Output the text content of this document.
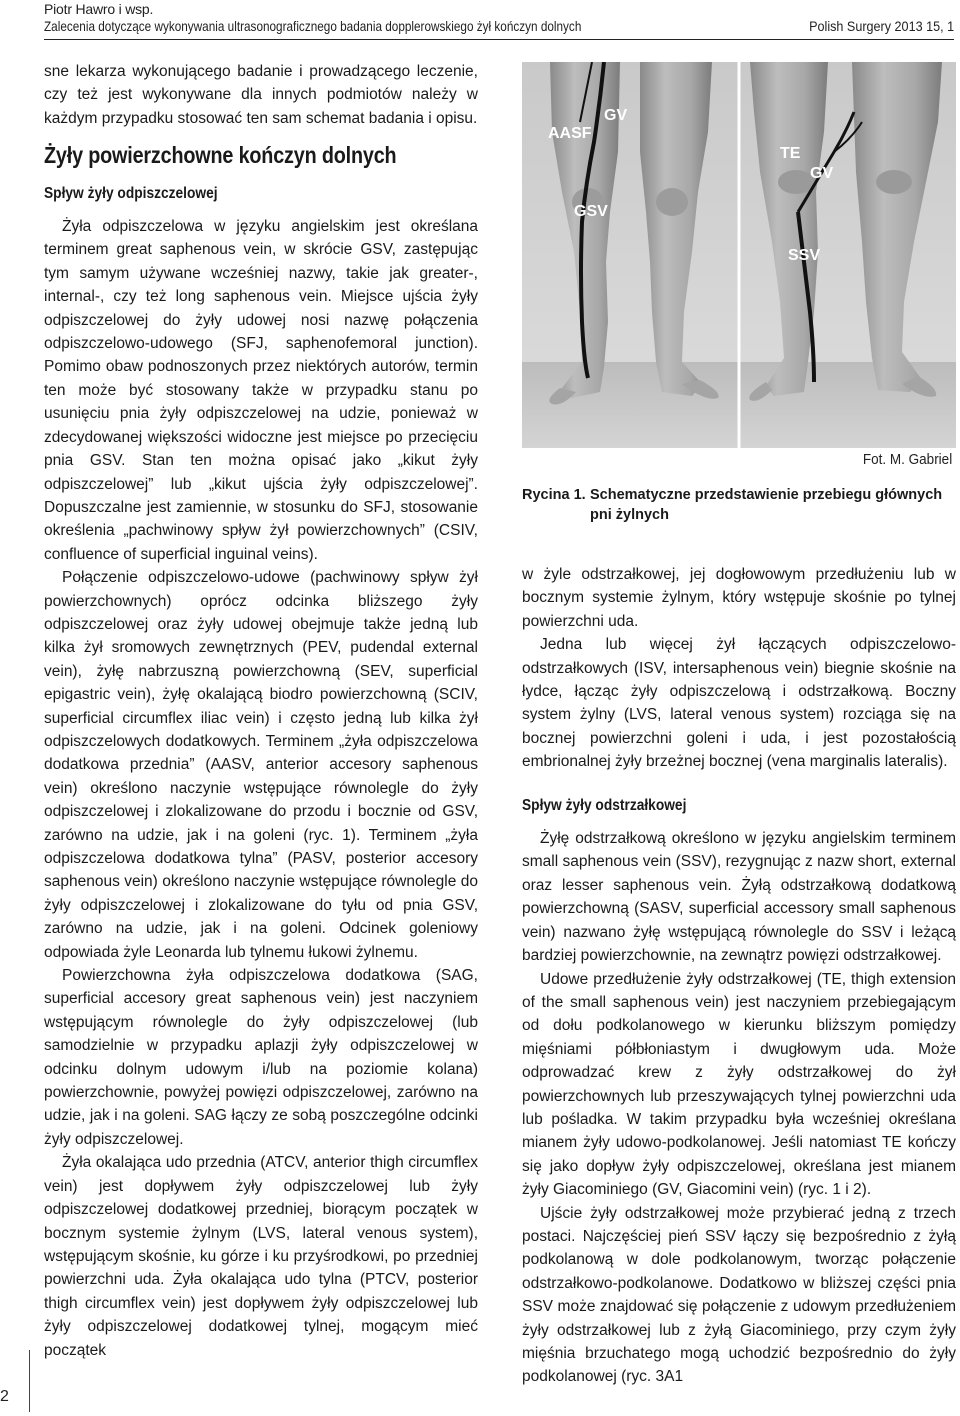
Piotr Hawro i wsp.
Zalecenia dotyczące wykonywania ultrasonograficznego badania dopplerowskiego żył kończyn dolnych	Polish Surgery 2013 15, 1

sne lekarza wykonującego badanie i prowadzącego leczenie, czy też jest wykonywane dla innych podmiotów należy w każdym przypadku stosować ten sam schemat badania i opisu.

Żyły powierzchowne kończyn dolnych
Spływ żyły odpiszczelowej

Żyła odpiszczelowa w języku angielskim jest określana terminem great saphenous vein, w skrócie GSV, zastępując tym samym używane wcześniej nazwy, takie jak greater-, internal-, czy też long saphenous vein. Miejsce ujścia żyły odpiszczelowej do żyły udowej nosi nazwę połączenia odpiszczelowo-udowego (SFJ, saphenofemoral junction). Pomimo obaw podnoszonych przez niektórych autorów, termin ten może być stosowany także w przypadku stanu po usunięciu pnia żyły odpiszczelowej na udzie, ponieważ w zdecydowanej większości widoczne jest miejsce po przecięciu pnia GSV. Stan ten można opisać jako „kikut żyły odpiszczelowej” lub „kikut ujścia żyły odpiszczelowej”. Dopuszczalne jest zamiennie, w stosunku do SFJ, stosowanie określenia „pachwinowy spływ żył powierzchownych” (CSIV, confluence of superficial inguinal veins).

Połączenie odpiszczelowo-udowe (pachwinowy spływ żył powierzchownych) oprócz odcinka bliższego żyły odpiszczelowej oraz żyły udowej obejmuje także jedną lub kilka żył sromowych zewnętrznych (PEV, pudendal external vein), żyłę nabrzuszną powierzchowną (SEV, superficial epigastric vein), żyłę okalającą biodro powierzchowną (SCIV, superficial circumflex iliac vein) i często jedną lub kilka żył odpiszczelowych dodatkowych. Terminem „żyła odpiszczelowa dodatkowa przednia” (AASV, anterior accesory saphenous vein) określono naczynie wstępujące równolegle do żyły odpiszczelowej i zlokalizowane do przodu i bocznie od GSV, zarówno na udzie, jak i na goleni (ryc. 1). Terminem „żyła odpiszczelowa dodatkowa tylna” (PASV, posterior accesory saphenous vein) określono naczynie wstępujące równolegle do żyły odpiszczelowej i zlokalizowane do tyłu od pnia GSV, zarówno na udzie, jak i na goleni. Odcinek goleniowy odpowiada żyle Leonarda lub tylnemu łukowi żylnemu.

Powierzchowna żyła odpiszczelowa dodatkowa (SAG, superficial accesory great saphenous vein) jest naczyniem wstępującym równolegle do żyły odpiszczelowej (lub samodzielnie w przypadku aplazji żyły odpiszczelowej w odcinku dolnym udowym i/lub na poziomie kolana) powierzchownie, powyżej powięzi odpiszczelowej, zarówno na udzie, jak i na goleni. SAG łączy ze sobą poszczególne odcinki żyły odpiszczelowej.

Żyła okalająca udo przednia (ATCV, anterior thigh circumflex vein) jest dopływem żyły odpiszczelowej lub żyły odpiszczelowej dodatkowej przedniej, biorącym początek w bocznym systemie żylnym (LVS, lateral venous system), wstępującym skośnie, ku górze i ku przyśrodkowi, po przedniej powierzchni uda. Żyła okalająca udo tylna (PTCV, posterior thigh circumflex vein) jest dopływem żyły odpiszczelowej lub żyły odpiszczelowej dodatkowej tylnej, mogącym mieć początek

AASF
GV
GSV
TE
GV
SSV
Fot. M. Gabriel
Rycina 1. Schematyczne przedstawienie przebiegu głównych
pni żylnych

w żyle odstrzałkowej, jej dogłowowym przedłużeniu lub w bocznym systemie żylnym, który wstępuje skośnie po tylnej powierzchni uda.

Jedna lub więcej żył łączących odpiszczelowo-odstrzałkowych (ISV, intersaphenous vein) biegnie skośnie na łydce, łącząc żyły odpiszczelową i odstrzałkową. Boczny system żylny (LVS, lateral venous system) rozciąga się na bocznej powierzchni goleni i uda, i jest pozostałością embrionalnej żyły brzeżnej bocznej (vena marginalis lateralis).

Spływ żyły odstrzałkowej

Żyłę odstrzałkową określono w języku angielskim terminem small saphenous vein (SSV), rezygnując z nazw short, external oraz lesser saphenous vein. Żyłą odstrzałkową dodatkową powierzchowną (SASV, superficial accessory small saphenous vein) nazwano żyłę wstępującą równolegle do SSV i leżącą bardziej powierzchownie, na zewnątrz powięzi odstrzałkowej.

Udowe przedłużenie żyły odstrzałkowej (TE, thigh extension of the small saphenous vein) jest naczyniem przebiegającym od dołu podkolanowego w kierunku bliższym pomiędzy mięśniami półbłoniastym i dwugłowym uda. Może odprowadzać krew z żyły odstrzałkowej do żył powierzchownych lub przeszywających tylnej powierzchni uda lub pośladka. W takim przypadku była wcześniej określana mianem żyły udowo-podkolanowej. Jeśli natomiast TE kończy się jako dopływ żyły odpiszczelowej, określana jest mianem żyły Giacominiego (GV, Giacomini vein) (ryc. 1 i 2).

Ujście żyły odstrzałkowej może przybierać jedną z trzech postaci. Najczęściej pień SSV łączy się bezpośrednio z żyłą podkolanową w dole podkolanowym, tworząc połączenie odstrzałkowo-podkolanowe. Dodatkowo w bliższej części pnia SSV może znajdować się połączenie z udowym przedłużeniem żyły odstrzałkowej lub z żyłą Giacominiego, przy czym żyły mięśnia brzuchatego mogą uchodzić bezpośrednio do żyły podkolanowej (ryc. 3A1

2
